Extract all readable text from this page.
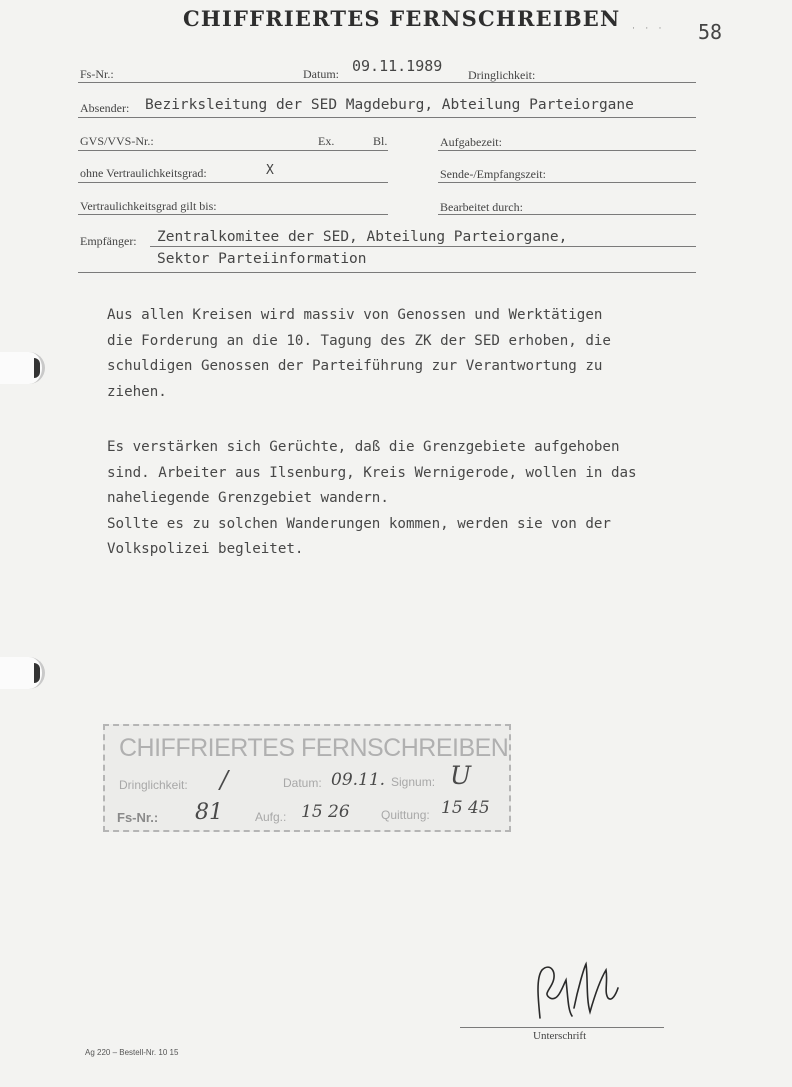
CHIFFRIERTES FERNSCHREIBEN · · · 58
Fs-Nr.:	Datum: 09.11.1989 Dringlichkeit:
Absender: Bezirksleitung der SED Magdeburg, Abteilung Parteiorgane
GVS/VVS-Nr.:	Ex.	Bl.	Aufgabezeit:
ohne Vertraulichkeitsgrad:	X	Sende-/Empfangszeit:
Vertraulichkeitsgrad gilt bis:	Bearbeitet durch:
Empfänger: Zentralkomitee der SED, Abteilung Parteiorgane,
Sektor Parteiinformation
Aus allen Kreisen wird massiv von Genossen und Werktätigen
die Forderung an die 10. Tagung des ZK der SED erhoben, die
schuldigen Genossen der Parteiführung zur Verantwortung zu
ziehen.
Es verstärken sich Gerüchte, daß die Grenzgebiete aufgehoben
sind. Arbeiter aus Ilsenburg, Kreis Wernigerode, wollen in das
naheliegende Grenzgebiet wandern.
Sollte es zu solchen Wanderungen kommen, werden sie von der
Volkspolizei begleitet.
CHIFFRIERTES FERNSCHREIBEN
Dringlichkeit: /	Datum: 09.11. Signum: U
Fs-Nr.: 81	Aufg.: 15 26	Quittung: 15 45
Unterschrift
Ag 220 – Bestell-Nr. 10 15
